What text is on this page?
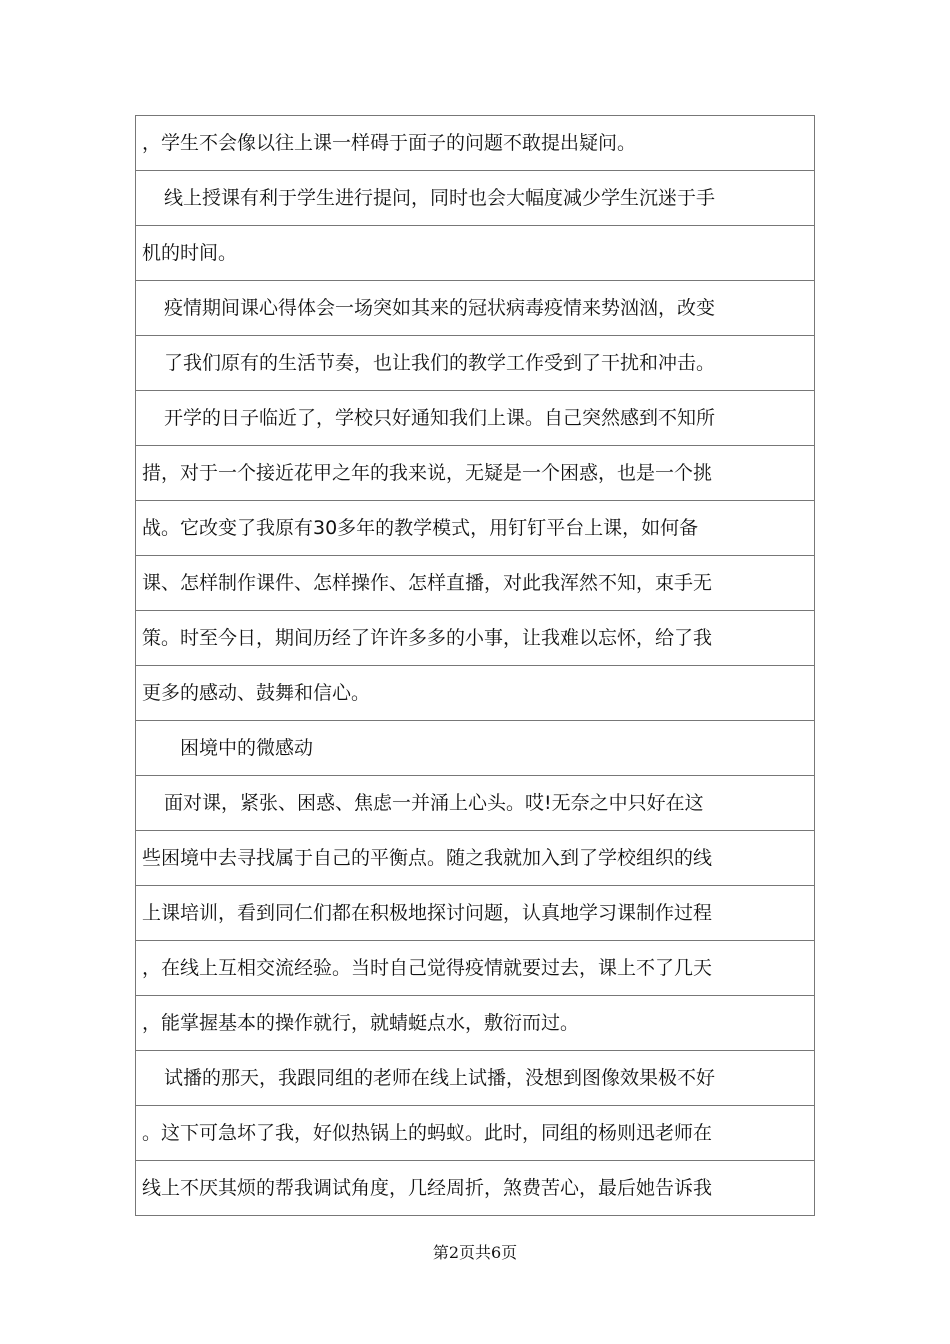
，学生不会像以往上课一样碍于面子的问题不敢提出疑问。
线上授课有利于学生进行提问，同时也会大幅度减少学生沉迷于手
机的时间。
疫情期间课心得体会一场突如其来的冠状病毒疫情来势汹汹，改变
了我们原有的生活节奏，也让我们的教学工作受到了干扰和冲击。
开学的日子临近了，学校只好通知我们上课。自己突然感到不知所
措，对于一个接近花甲之年的我来说，无疑是一个困惑，也是一个挑
战。它改变了我原有30多年的教学模式，用钉钉平台上课，如何备
课、怎样制作课件、怎样操作、怎样直播，对此我浑然不知，束手无
策。时至今日，期间历经了许许多多的小事，让我难以忘怀，给了我
更多的感动、鼓舞和信心。
困境中的微感动
面对课，紧张、困惑、焦虑一并涌上心头。哎!无奈之中只好在这
些困境中去寻找属于自己的平衡点。随之我就加入到了学校组织的线
上课培训，看到同仁们都在积极地探讨问题，认真地学习课制作过程
，在线上互相交流经验。当时自己觉得疫情就要过去，课上不了几天
，能掌握基本的操作就行，就蜻蜓点水，敷衍而过。
试播的那天，我跟同组的老师在线上试播，没想到图像效果极不好
。这下可急坏了我，好似热锅上的蚂蚁。此时，同组的杨则迅老师在
线上不厌其烦的帮我调试角度，几经周折，煞费苦心，最后她告诉我
第2页共6页
